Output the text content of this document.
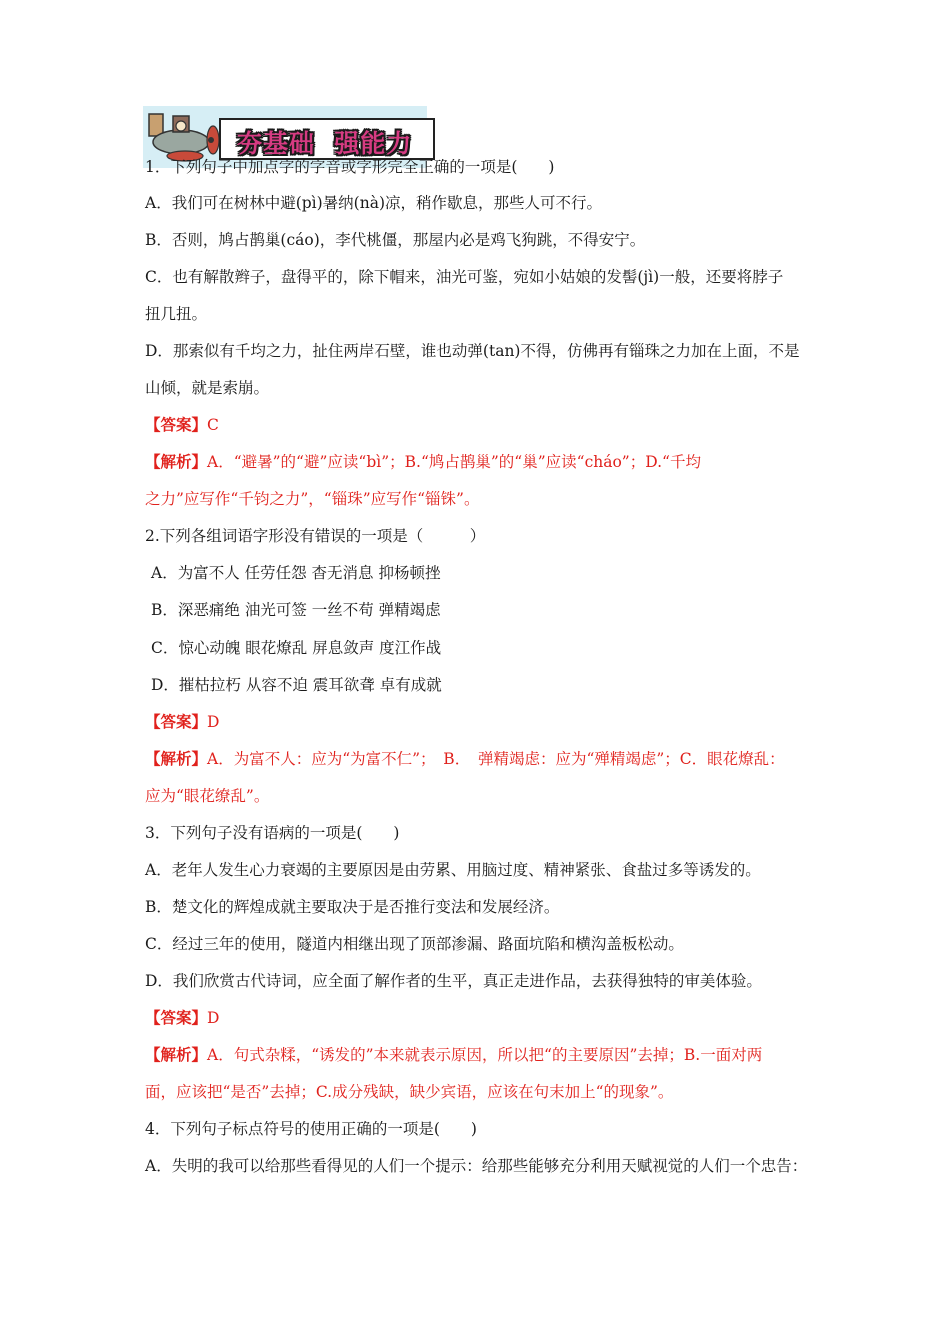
夯基础  强能力
1．下列句子中加点字的字音或字形完全正确的一项是(　　)
A．我们可在树林中避(pì)暑纳(nà)凉，稍作歇息，那些人可不行。
B．否则，鸠占鹊巢(cáo)，李代桃僵，那屋内必是鸡飞狗跳，不得安宁。
C．也有解散辫子，盘得平的，除下帽来，油光可鉴，宛如小姑娘的发髻(jì)一般，还要将脖子
扭几扭。
D．那索似有千均之力，扯住两岸石壁，谁也动弹(tan)不得，仿佛再有锱珠之力加在上面，不是
山倾，就是索崩。
【答案】C
【解析】A．“避暑”的“避”应读“bì”；B.“鸠占鹊巢”的“巢”应读“cháo”；D.“千均
之力”应写作“千钧之力”，“锱珠”应写作“锱铢”。
2.下列各组词语字形没有错误的一项是（　　　）
A．为富不人 任劳任怨 杳无消息 抑杨顿挫
B．深恶痛绝 油光可签 一丝不苟 弹精竭虑
C．惊心动魄 眼花燎乱 屏息敛声 度江作战
D．摧枯拉朽 从容不迫 震耳欲聋 卓有成就
【答案】D
【解析】A．为富不人：应为“为富不仁”；　B．　弹精竭虑：应为“殚精竭虑”；C．眼花燎乱：
应为“眼花缭乱”。
3．下列句子没有语病的一项是(　　)
A．老年人发生心力衰竭的主要原因是由劳累、用脑过度、精神紧张、食盐过多等诱发的。
B．楚文化的辉煌成就主要取决于是否推行变法和发展经济。
C．经过三年的使用，隧道内相继出现了顶部渗漏、路面坑陷和横沟盖板松动。
D．我们欣赏古代诗词，应全面了解作者的生平，真正走进作品，去获得独特的审美体验。
【答案】D
【解析】A．句式杂糅，“诱发的”本来就表示原因，所以把“的主要原因”去掉；B.一面对两
面，应该把“是否”去掉；C.成分残缺，缺少宾语，应该在句末加上“的现象”。
4．下列句子标点符号的使用正确的一项是(　　)
A．失明的我可以给那些看得见的人们一个提示：给那些能够充分利用天赋视觉的人们一个忠告：
